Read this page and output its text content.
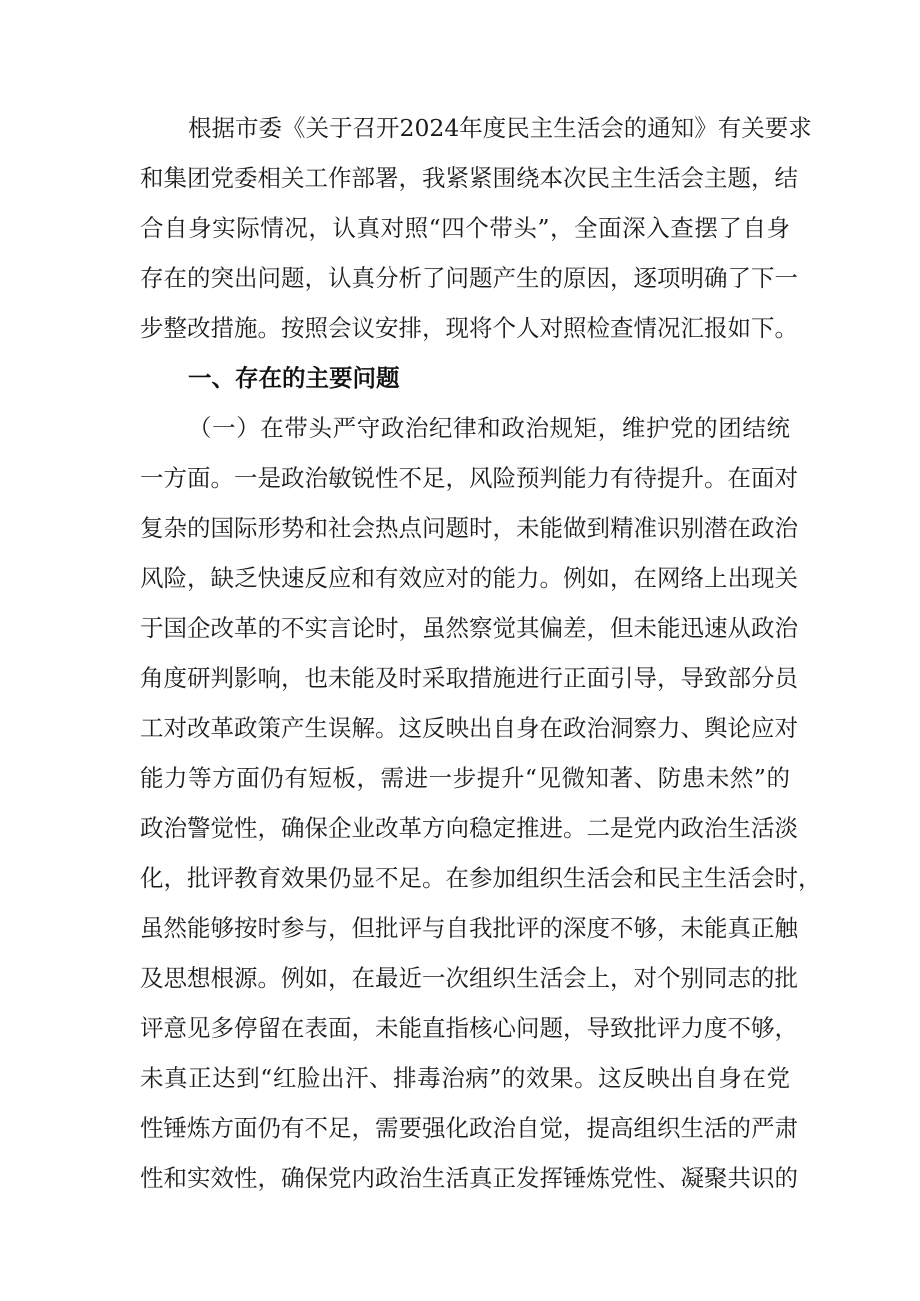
根据市委《关于召开2024年度民主生活会的通知》有关要求
和集团党委相关工作部署，我紧紧围绕本次民主生活会主题，结
合自身实际情况，认真对照“四个带头”，全面深入查摆了自身
存在的突出问题，认真分析了问题产生的原因，逐项明确了下一
步整改措施。按照会议安排，现将个人对照检查情况汇报如下。
一、存在的主要问题
（一）在带头严守政治纪律和政治规矩，维护党的团结统
一方面。一是政治敏锐性不足，风险预判能力有待提升。在面对
复杂的国际形势和社会热点问题时，未能做到精准识别潜在政治
风险，缺乏快速反应和有效应对的能力。例如，在网络上出现关
于国企改革的不实言论时，虽然察觉其偏差，但未能迅速从政治
角度研判影响，也未能及时采取措施进行正面引导，导致部分员
工对改革政策产生误解。这反映出自身在政治洞察力、舆论应对
能力等方面仍有短板，需进一步提升“见微知著、防患未然”的
政治警觉性，确保企业改革方向稳定推进。二是党内政治生活淡
化，批评教育效果仍显不足。在参加组织生活会和民主生活会时，
虽然能够按时参与，但批评与自我批评的深度不够，未能真正触
及思想根源。例如，在最近一次组织生活会上，对个别同志的批
评意见多停留在表面，未能直指核心问题，导致批评力度不够，
未真正达到“红脸出汗、排毒治病”的效果。这反映出自身在党
性锤炼方面仍有不足，需要强化政治自觉，提高组织生活的严肃
性和实效性，确保党内政治生活真正发挥锤炼党性、凝聚共识的
